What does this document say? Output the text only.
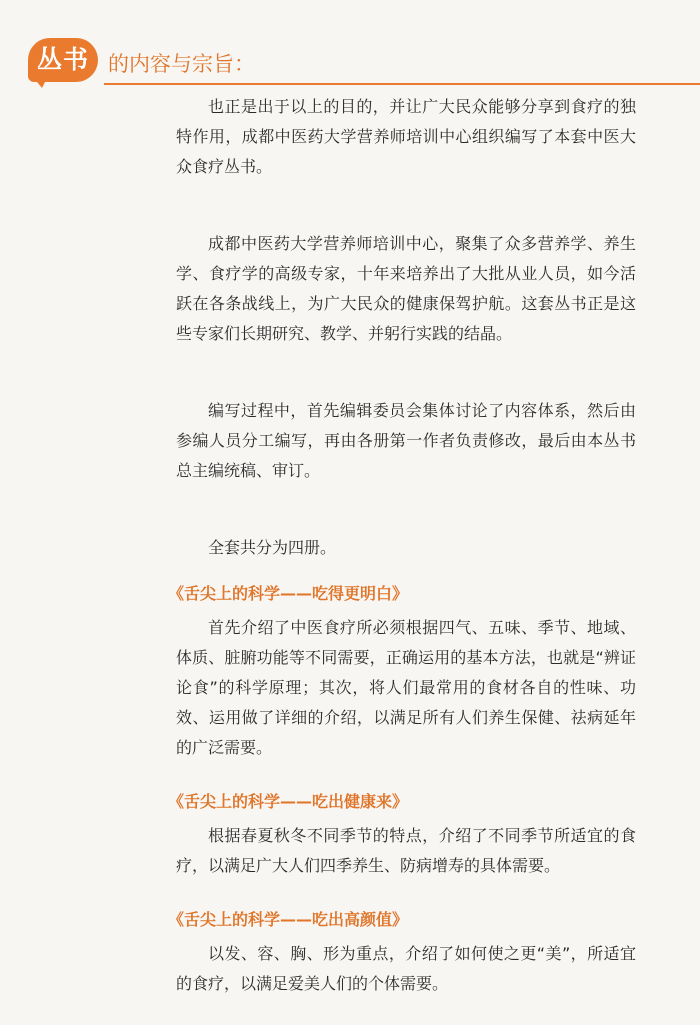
丛书 的内容与宗旨：

也正是出于以上的目的，并让广大民众能够分享到食疗的独特作用，成都中医药大学营养师培训中心组织编写了本套中医大众食疗丛书。

成都中医药大学营养师培训中心，聚集了众多营养学、养生学、食疗学的高级专家，十年来培养出了大批从业人员，如今活跃在各条战线上，为广大民众的健康保驾护航。这套丛书正是这些专家们长期研究、教学、并躬行实践的结晶。

编写过程中，首先编辑委员会集体讨论了内容体系，然后由参编人员分工编写，再由各册第一作者负责修改，最后由本丛书总主编统稿、审订。

全套共分为四册。

《舌尖上的科学——吃得更明白》

首先介绍了中医食疗所必须根据四气、五味、季节、地域、体质、脏腑功能等不同需要，正确运用的基本方法，也就是“辨证论食”的科学原理；其次，将人们最常用的食材各自的性味、功效、运用做了详细的介绍，以满足所有人们养生保健、祛病延年的广泛需要。

《舌尖上的科学——吃出健康来》

根据春夏秋冬不同季节的特点，介绍了不同季节所适宜的食疗，以满足广大人们四季养生、防病增寿的具体需要。

《舌尖上的科学——吃出高颜值》

以发、容、胸、形为重点，介绍了如何使之更“美”，所适宜的食疗，以满足爱美人们的个体需要。
